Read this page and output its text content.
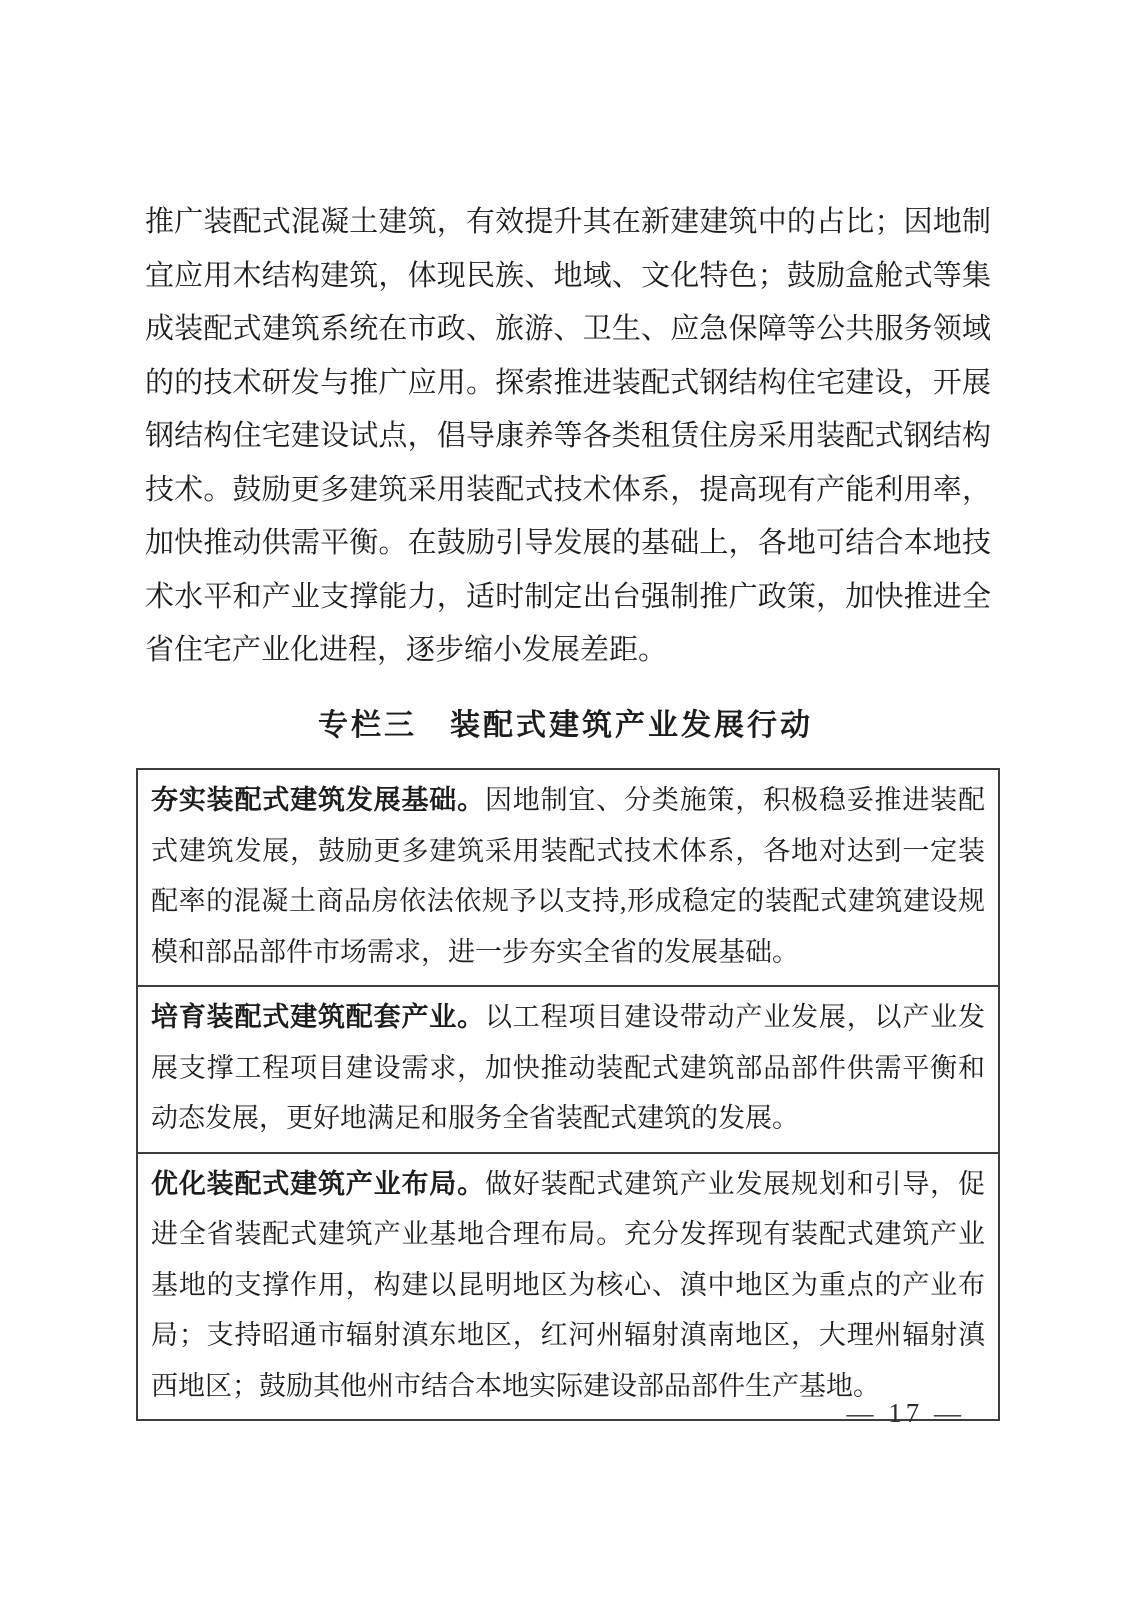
推广装配式混凝土建筑，有效提升其在新建建筑中的占比；因地制
宜应用木结构建筑，体现民族、地域、文化特色；鼓励盒舱式等集
成装配式建筑系统在市政、旅游、卫生、应急保障等公共服务领域
的的技术研发与推广应用。探索推进装配式钢结构住宅建设，开展
钢结构住宅建设试点，倡导康养等各类租赁住房采用装配式钢结构
技术。鼓励更多建筑采用装配式技术体系，提高现有产能利用率，
加快推动供需平衡。在鼓励引导发展的基础上，各地可结合本地技
术水平和产业支撑能力，适时制定出台强制推广政策，加快推进全
省住宅产业化进程，逐步缩小发展差距。
专栏三　装配式建筑产业发展行动
夯实装配式建筑发展基础。因地制宜、分类施策，积极稳妥推进装配式建筑发展，鼓励更多建筑采用装配式技术体系，各地对达到一定装配率的混凝土商品房依法依规予以支持,形成稳定的装配式建筑建设规模和部品部件市场需求，进一步夯实全省的发展基础。
培育装配式建筑配套产业。以工程项目建设带动产业发展，以产业发展支撑工程项目建设需求，加快推动装配式建筑部品部件供需平衡和动态发展，更好地满足和服务全省装配式建筑的发展。
优化装配式建筑产业布局。做好装配式建筑产业发展规划和引导，促进全省装配式建筑产业基地合理布局。充分发挥现有装配式建筑产业基地的支撑作用，构建以昆明地区为核心、滇中地区为重点的产业布局；支持昭通市辐射滇东地区，红河州辐射滇南地区，大理州辐射滇西地区；鼓励其他州市结合本地实际建设部品部件生产基地。
— 17 —
